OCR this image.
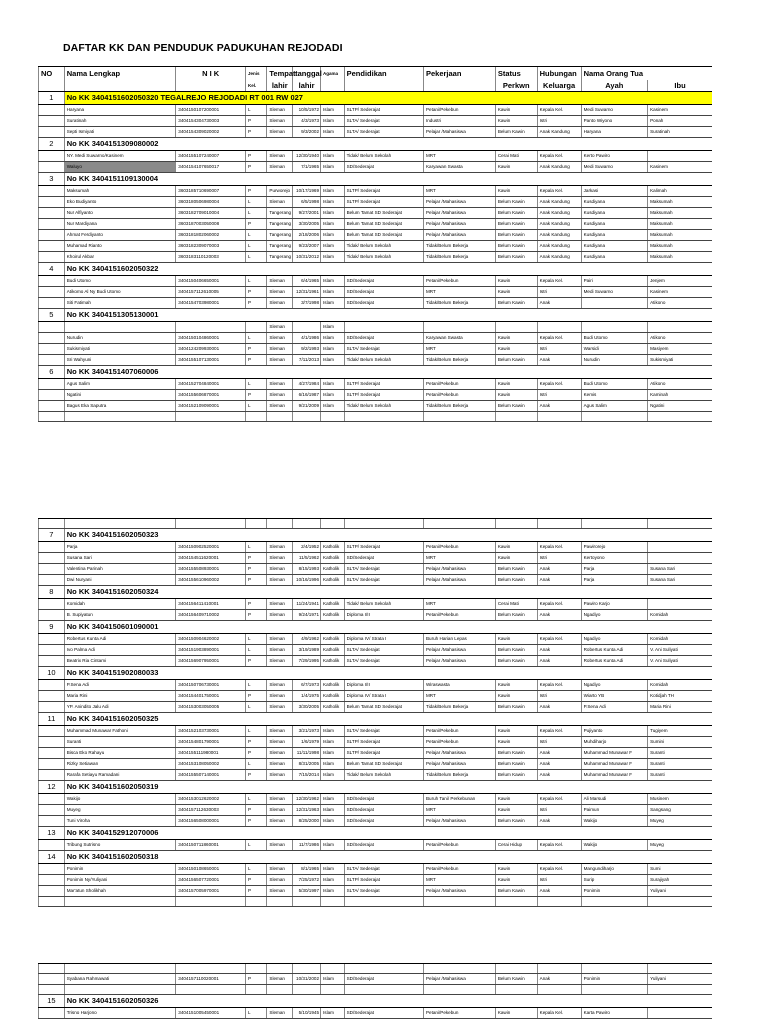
DAFTAR KK DAN PENDUDUK PADUKUHAN REJODADI
NO	Nama Lengkap	N I K	Jenis	Tempat	tanggal	Agama	Pendidikan	Pekerjaan	Status	Hubungan	Nama Orang Tua	
			Kel.	lahir	lahir				Perkwn	Keluarga	Ayah	Ibu
1	No KK 3404151602050320 TEGALREJO REJODADI RT 001 RW 027											
	Haryana	3404150107200001	L	Sleman	10/5/1972	Islam	SLTP/ Sederajat	Petani/Pekebun	Kawin	Kepala Kel.	Medi Suwarno	Kasinem
	Suratinah	3404154304730003	P	Sleman	4/3/1973	Islam	SLTA/ Sederajat	Industri	Kawin	Istri	Panto Wiyono	Ponah
	Septi Ismiyati	3404154309020002	P	Sleman	9/3/2002	Islam	SLTA/ Sederajat	Pelajar /Mahasiswa	Belum Kawin	Anak Kandung	Haryana	Suratinah
2	No KK 3404151309080002											
	NY. Medi Suwarno/Kasinem	3404155107240007	P	Sleman	12/30/1940	Islam	Tidak/ Belum Sekolah	MRT	Cerai Mati	Kepala Kel.	Kerto Pawiro	
	Waluyo	3404154107650017	P	Sleman	7/1/1965	Islam	SD/Sederajat	Karyawan Swasta	Kawin	Anak Kandung	Medi Suwarno	Kasinem
3	No KK 3404151109130004											
	Maksumah	3603185710690007	P	Purworejo	10/17/1969	Islam	SLTP/ Sederajat	MRT	Kawin	Kepala Kel.	Jarkasi	Kalimah
	Eko Budiyanto	3603180506980004	L	Sleman	6/5/1998	Islam	SLTP/ Sederajat	Pelajar /Mahasiswa	Belum Kawin	Anak Kandung	Kusdiyana	Maksumah
	Nur Alfiyanto	3603182709010004	L	Tangerang	9/27/2001	Islam	Belum Tamat SD Sederajat	Pelajar /Mahasiswa	Belum Kawin	Anak Kandung	Kusdiyana	Maksumah
	Nur Mardiyana	3603187003050008	P	Tangerang	3/30/2005	Islam	Belum Tamat SD Sederajat	Pelajar /Mahasiswa	Belum Kawin	Anak Kandung	Kusdiyana	Maksumah
	Ahmat Ferdiyanto	3603181802060002	L	Tangerang	2/18/2006	Islam	Belum Tamat SD Sederajat	Pelajar /Mahasiswa	Belum Kawin	Anak Kandung	Kusdiyana	Maksumah
	Muhamad Rianto	3603182309070003	L	Tangerang	9/23/2007	Islam	Tidak/ Belum Sekolah	Tidak/Belum Bekerja	Belum Kawin	Anak Kandung	Kusdiyana	Maksumah
	Khoirul Akbar	3603183110120003	L	Tangerang	10/31/2012	Islam	Tidak/ Belum Sekolah	Tidak/Belum Bekerja	Belum Kawin	Anak Kandung	Kusdiyana	Maksumah
4	No KK 3404151602050322											
	Budi Utomo	3404150406650001	L	Sleman	6/4/1965	Islam	SD/Sederajat	Petani/Pekebun	Kawin	Kepala Kel.	Pairi	Jenjem
	Atikomo Al Ny Budi Utomo	3404157112610005	P	Sleman	12/31/1961	Islam	SD/Sederajat	MRT	Kawin	Istri	Medi Suwarno	Kasinem
	Siti Fatimah	3404154703980001	P	Sleman	3/7/1998	Islam	SD/Sederajat	Tidak/Belum Bekerja	Belum Kawin	Anak		Atikono
5	No KK 3404151305130001											
				Sleman		Islam						
	Nurudin	3404150104860001	L	Sleman	4/1/1986	Islam	SD/Sederajat	Karyawan Swasta	Kawin	Kepala Kel.	Budi Utomo	Atikono
	Sukismiyati	3404124209930001	P	Sleman	9/2/1993	Islam	SLTA/ Sederajat	MRT	Kawin	Istri	Warsidi	Masiyem
	Sri Wahyuni	3404155107130001	P	Sleman	7/11/2013	Islam	Tidak/ Belum Sekolah	Tidak/Belum Bekerja	Belum Kawin	Anak	Nurudin	Sukismiyati
6	No KK 3404151407060006											
	Agus Salim	3404152704840001	L	Sleman	4/27/1984	Islam	SLTP/ Sederajat	Petani/Pekebun	Kawin	Kepala Kel.	Budi Utomo	Atikono
	Ngatini	3404155606870001	P	Sleman	6/16/1987	Islam	SLTP/ Sederajat	Petani/Pekebun	Kawin	Istri	Kemis	Kaminah
	Bagus Eka Saputra	3404152109090001	L	Sleman	9/21/2009	Islam	Tidak/ Belum Sekolah	Tidak/Belum Bekerja	Belum Kawin	Anak	Agus Salim	Ngatini

7	No KK 3404151602050323											
	Parja	3404150902520001	L	Sleman	2/4/1952	Katholik	SLTP/ Sederajat	Petani/Pekebun	Kawin	Kepala Kel.	Pawirorejo	
	Susana Sari	3404154511620001	P	Sleman	11/5/1962	Katholik	SD/Sederajat	MRT	Kawin	Istri	Kertoyono	
	Valentina Parinah	3404155508930001	P	Sleman	8/15/1993	Katholik	SLTA/ Sederajat	Pelajar /Mahasiswa	Belum Kawin	Anak	Parja	Susana Sari
	Dwi Nuryani	3404155610960002	P	Sleman	10/16/1996	Katholik	SLTA/ Sederajat	Pelajar /Mahasiswa	Belum Kawin	Anak	Parja	Susana Sari
8	No KK 3404151602050324											
	Komidah	3404156411410001	P	Sleman	11/24/1941	Katholik	Tidak/ Belum Sekolah	MRT	Cerai Mati	Kepala Kel.	Pawiro Karjo	
	B. Supiyatun	3404156409710002	P	Sleman	9/24/1971	Katholik	Diploma I/II	Petani/Pekebun	Belum Kawin	Anak	Ngadiyo	Komidah
9	No KK 3404150601090001											
	Robertus Kunta Adi	3404150904620002	L	Sleman	4/9/1962	Katholik	Diploma IV/ Strata I	Buruh Harian Lepas	Kawin	Kepala Kel.	Ngadiyo	Komidah
	Ivo Palma Adi	3404151903890001	L	Sleman	3/19/1989	Katholik	SLTA/ Sederajat	Pelajar /Mahasiswa	Belum Kawin	Anak	Robertus Kunta Adi	V. Ani Suliyati
	Beatrix Ria Cintami	3404156907950001	P	Sleman	7/29/1995	Katholik	SLTA/ Sederajat	Pelajar /Mahasiswa	Belum Kawin	Anak	Robertus Kunta Adi	V. Ani Suliyati
10	No KK 3404151902080033											
	P.Sena Adi	3404150706730001	L	Sleman	6/7/1973	Katholik	Diploma I/II	Wiraswasta	Kawin	Kepala Kel.	Ngadiyo	Komidah
	Maria Rini	3404154401750001	P	Sleman	1/4/1975	Katholik	Diploma IV/ Strata I	MRT	Kawin	Istri	Wiarto YB	Kotidjah TH
	YP. Anindito Jalu Adi	3404153003050005	L	Sleman	3/30/2005	Katholik	Belum Tamat SD Sederajat	Tidak/Belum Bekerja	Belum Kawin	Anak	P.Sena Adi	Maria Rini
11	No KK 3404151602050325											
	Muhammad Munawar Fathoni	3404152103730001	L	Sleman	3/21/1973	Islam	SLTA/ Sederajat	Petani/Pekebun	Kawin	Kepala Kel.	Pujiyanto	Tugiyem
	Suranti	3404154801790001	P	Sleman	1/6/1979	Islam	SLTP/ Sederajat	Petani/Pekebun	Kawin	Istri	Muhdiharjo	Sumini
	Bisca Eko Rahayu	3404155111980001	P	Sleman	11/11/1998	Islam	SLTP/ Sederajat	Pelajar /Mahasiswa	Belum Kawin	Anak	Muhammad Munawar F	Suranti
	Rizky Setiawan	3404153108050002	L	Sleman	8/31/2005	Islam	Belum Tamat SD Sederajat	Pelajar /Mahasiswa	Belum Kawin	Anak	Muhammad Munawar F	Suranti
	Rarafa Setiayu Ramadani	3404155507140001	P	Sleman	7/15/2014	Islam	Tidak/ Belum Sekolah	Tidak/Belum Bekerja	Belum Kawin	Anak	Muhammad Munawar F	Suranti
12	No KK 3404151602050319											
	Wakijo	3404153012620002	L	Sleman	12/30/1962	Islam	SD/Sederajat	Buruh Tani/ Perkebunan	Kawin	Kepala Kel.	Ali Marsudi	Musinem
	Muyeg	3404157112630003	P	Sleman	12/31/1963	Islam	SD/Sederajat	MRT	Kawin	Istri	Paimun	Sangsang
	Tuni Viroha	3404156508000001	P	Sleman	8/25/2000	Islam	SD/Sederajat	Pelajar /Mahasiswa	Belum Kawin	Anak	Wakijo	Muyeg
13	No KK 3404152912070006											
	Tribung Sutrisno	3404150711860001	L	Sleman	11/7/1986	Islam	SD/Sederajat	Petani/Pekebun	Cerai Hidup	Kepala Kel.	Wakijo	Muyeg
14	No KK 3404151602050318											
	Ponimin	3404150108650001	L	Sleman	8/1/1965	Islam	SLTA/ Sederajat	Petani/Pekebun	Kawin	Kepala Kel.	Mangundiharjo	Sumi
	Ponimin Ny/Yuliyani	3404156507720001	P	Sleman	7/25/1972	Islam	SLTP/ Sederajat	MRT	Kawin	Istri	Surip	Surajiyah
	Mar'atun Sholikhah	3404157005970001	P	Sleman	5/30/1997	Islam	SLTA/ Sederajat	Pelajar /Mahasiswa	Belum Kawin	Anak	Ponimin	Yuliyani

	Syabana Rahmawati	3404157110020001	P	Sleman	10/31/2002	Islam	SD/Sederajat	Pelajar /Mahasiswa	Belum Kawin	Anak	Ponimin	Yuliyani

15	No KK 3404151602050326											
	Trisno Harjono	3404151005450001	L	Sleman	5/10/1945	Islam	SD/Sederajat	Petani/Pekebun	Kawin	Kepala Kel.	Karta Pawiro	
